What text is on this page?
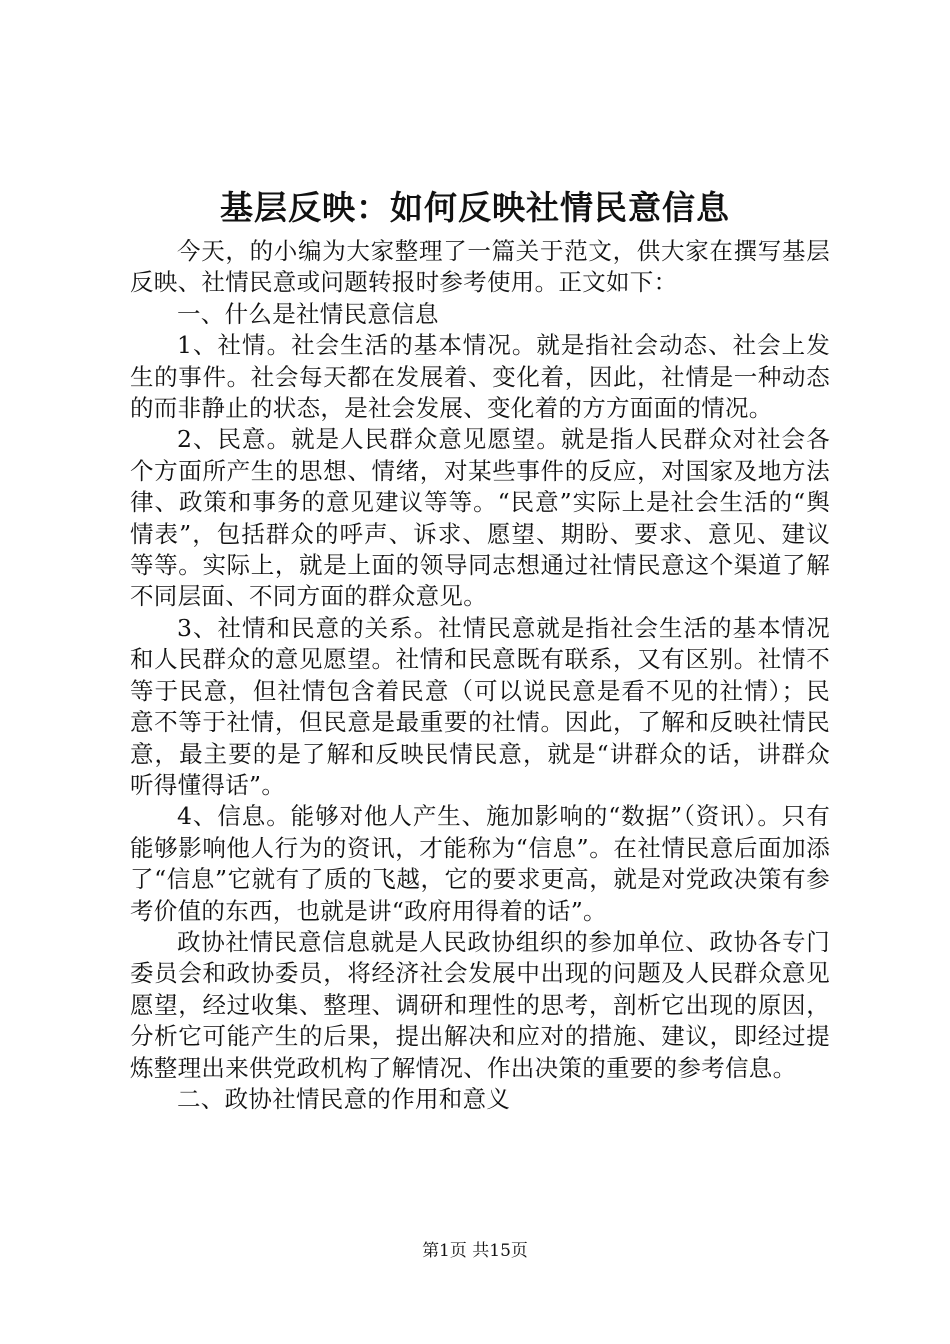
基层反映：如何反映社情民意信息

今天，的小编为大家整理了一篇关于范文，供大家在撰写基层反映、社情民意或问题转报时参考使用。正文如下：

一、什么是社情民意信息

1、社情。社会生活的基本情况。就是指社会动态、社会上发生的事件。社会每天都在发展着、变化着，因此，社情是一种动态的而非静止的状态，是社会发展、变化着的方方面面的情况。

2、民意。就是人民群众意见愿望。就是指人民群众对社会各个方面所产生的思想、情绪，对某些事件的反应，对国家及地方法律、政策和事务的意见建议等等。“民意”实际上是社会生活的“舆情表”，包括群众的呼声、诉求、愿望、期盼、要求、意见、建议等等。实际上，就是上面的领导同志想通过社情民意这个渠道了解不同层面、不同方面的群众意见。

3、社情和民意的关系。社情民意就是指社会生活的基本情况和人民群众的意见愿望。社情和民意既有联系，又有区别。社情不等于民意，但社情包含着民意（可以说民意是看不见的社情）；民意不等于社情，但民意是最重要的社情。因此，了解和反映社情民意，最主要的是了解和反映民情民意，就是“讲群众的话，讲群众听得懂得话”。

4、信息。能够对他人产生、施加影响的“数据”（资讯）。只有能够影响他人行为的资讯，才能称为“信息”。在社情民意后面加添了“信息”它就有了质的飞越，它的要求更高，就是对党政决策有参考价值的东西，也就是讲“政府用得着的话”。

政协社情民意信息就是人民政协组织的参加单位、政协各专门委员会和政协委员，将经济社会发展中出现的问题及人民群众意见愿望，经过收集、整理、调研和理性的思考，剖析它出现的原因，分析它可能产生的后果，提出解决和应对的措施、建议，即经过提炼整理出来供党政机构了解情况、作出决策的重要的参考信息。

二、政协社情民意的作用和意义

第1页 共15页
